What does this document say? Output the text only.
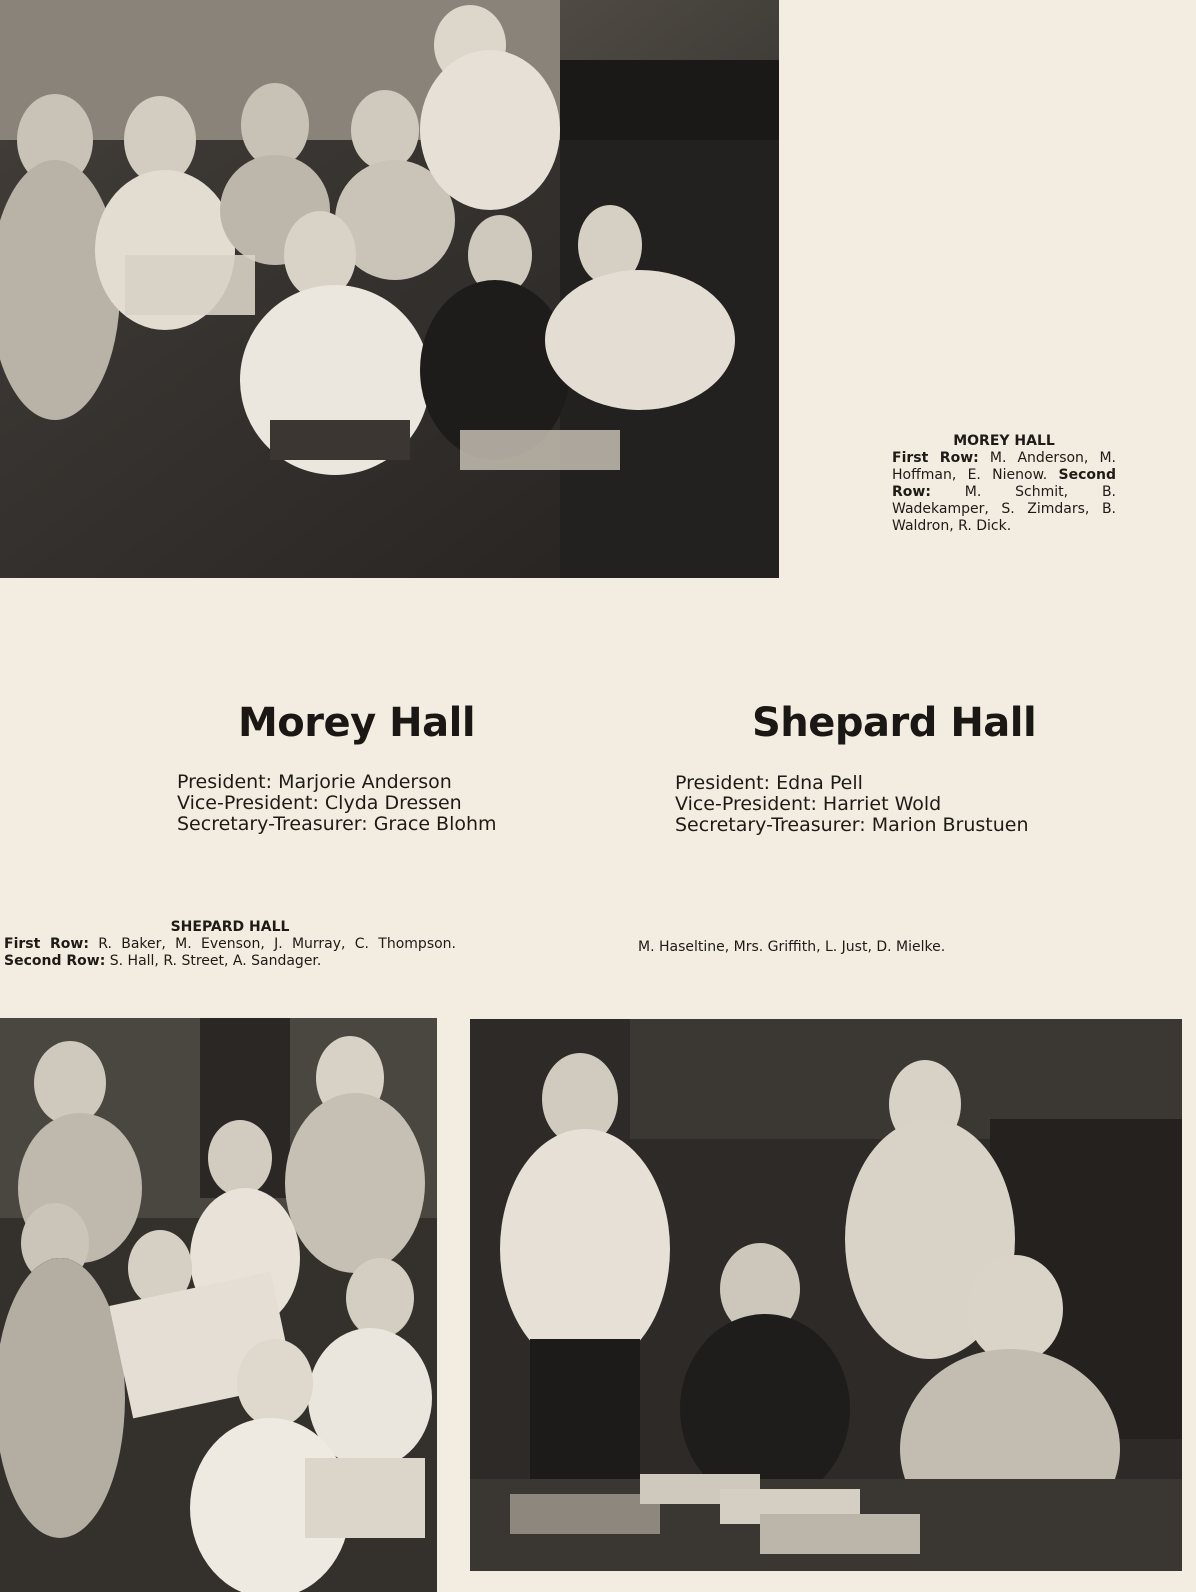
MOREY HALL
First Row: M. Anderson, M. Hoffman, E. Nienow. Second Row: M. Schmit, B. Wadekamper, S. Zimdars, B. Waldron, R. Dick.
Morey Hall	Shepard Hall
President: Marjorie Anderson
Vice-President: Clyda Dressen
Secretary-Treasurer: Grace Blohm
President: Edna Pell
Vice-President: Harriet Wold
Secretary-Treasurer: Marion Brustuen
SHEPARD HALL
First Row: R. Baker, M. Evenson, J. Murray, C. Thompson. Second Row: S. Hall, R. Street, A. Sandager.
M. Haseltine, Mrs. Griffith, L. Just, D. Mielke.
